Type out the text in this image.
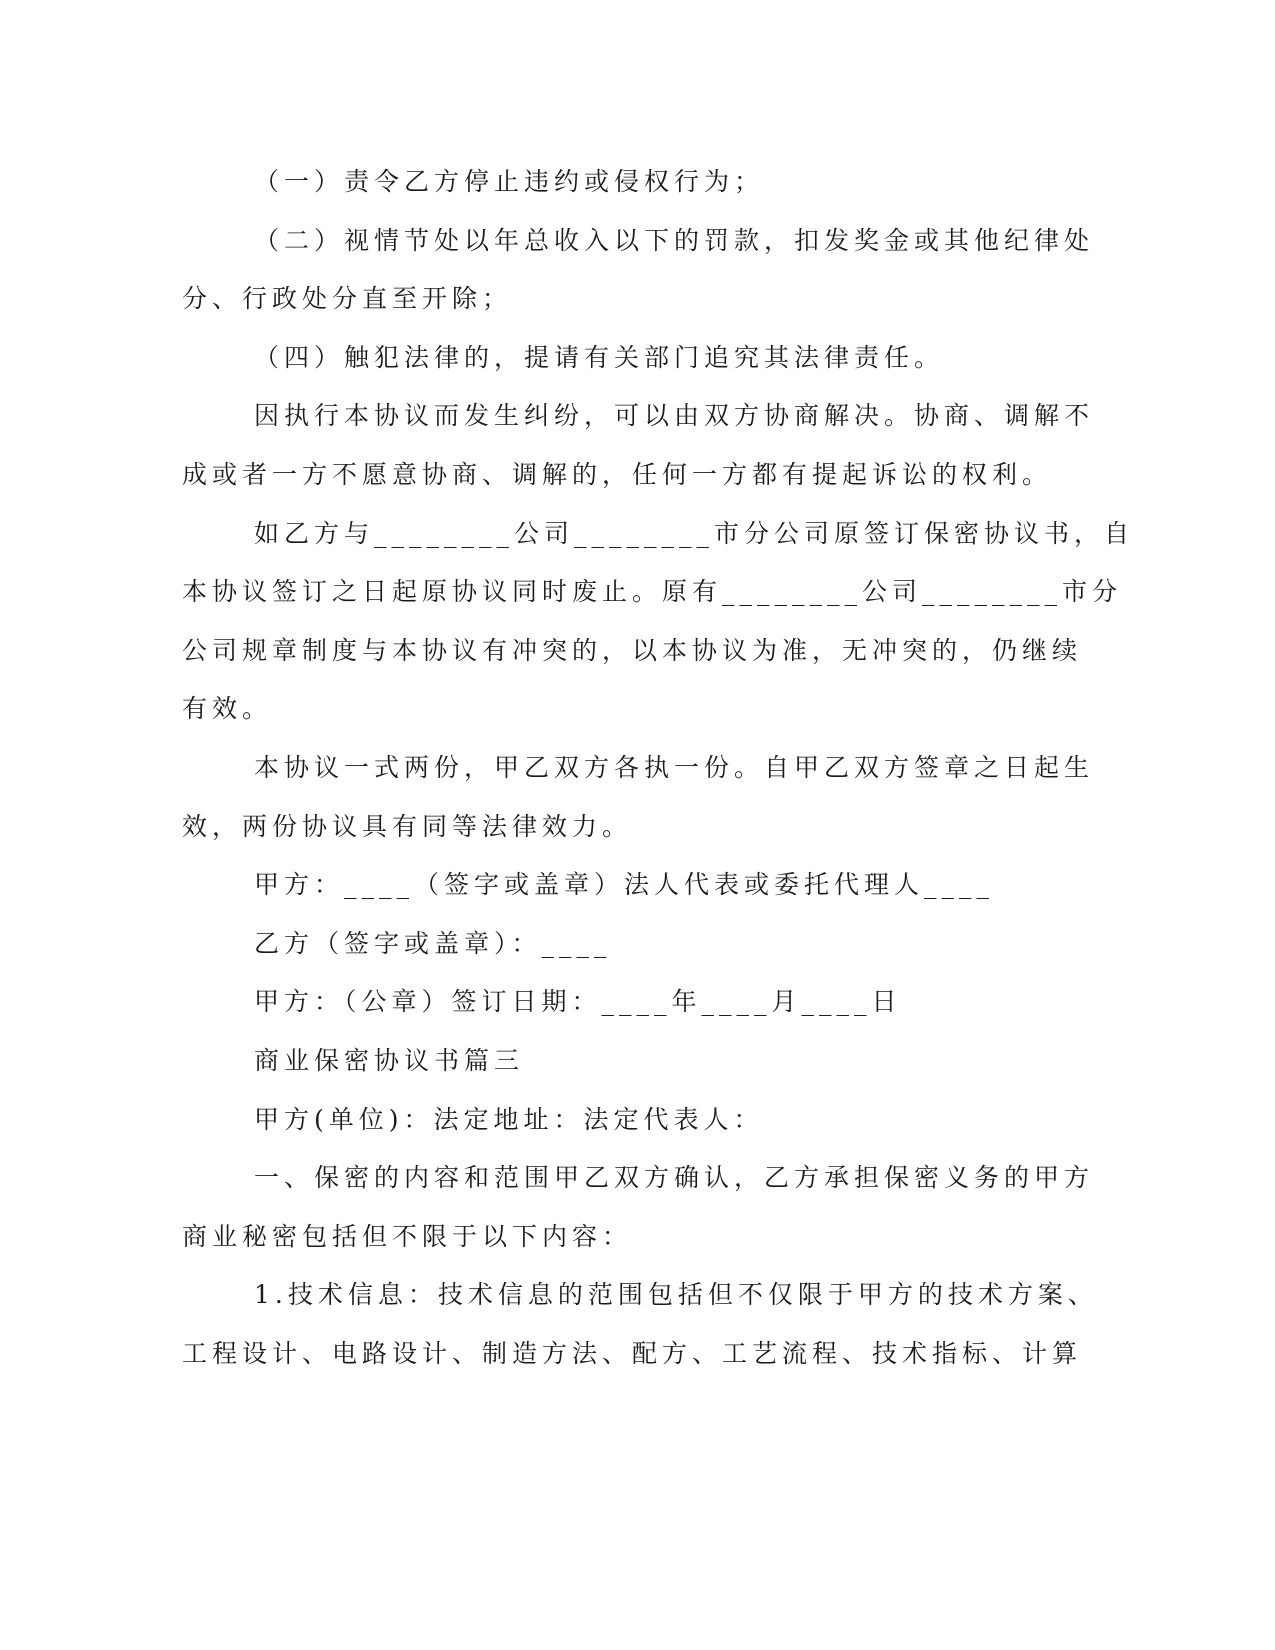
（一）责令乙方停止违约或侵权行为；
（二）视情节处以年总收入以下的罚款，扣发奖金或其他纪律处
分、行政处分直至开除；
（四）触犯法律的，提请有关部门追究其法律责任。
因执行本协议而发生纠纷，可以由双方协商解决。协商、调解不
成或者一方不愿意协商、调解的，任何一方都有提起诉讼的权利。
如乙方与________公司________市分公司原签订保密协议书，自
本协议签订之日起原协议同时废止。原有________公司________市分
公司规章制度与本协议有冲突的，以本协议为准，无冲突的，仍继续
有效。
本协议一式两份，甲乙双方各执一份。自甲乙双方签章之日起生
效，两份协议具有同等法律效力。
甲方：____（签字或盖章）法人代表或委托代理人____
乙方（签字或盖章）：____
甲方：（公章）签订日期：____年____月____日
商业保密协议书篇三
甲方(单位)：法定地址：法定代表人：
一、保密的内容和范围甲乙双方确认，乙方承担保密义务的甲方
商业秘密包括但不限于以下内容：
1.技术信息：技术信息的范围包括但不仅限于甲方的技术方案、
工程设计、电路设计、制造方法、配方、工艺流程、技术指标、计算
